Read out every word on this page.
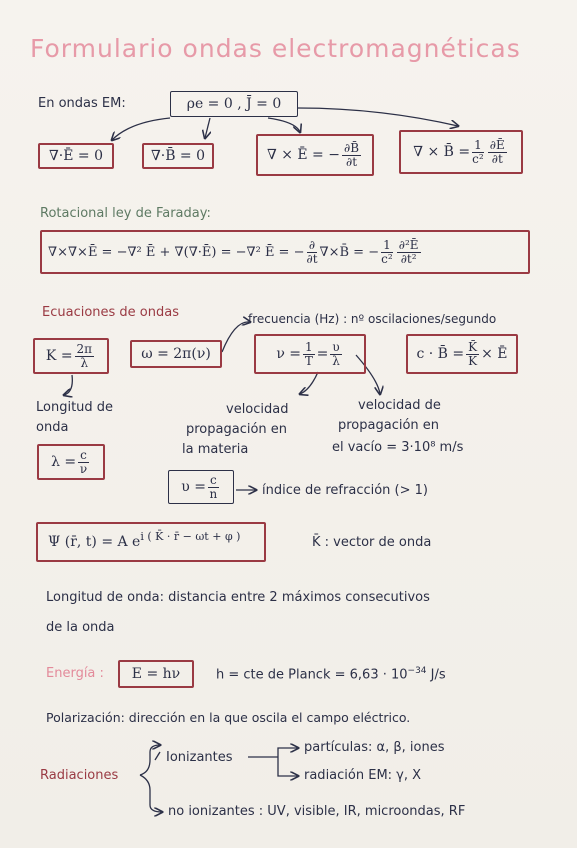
Formulario ondas electromagnéticas
En ondas EM:	ρe = 0 , J̄ = 0
∇·Ē = 0	∇·B̄ = 0	∇ × Ē = − $\frac{\partial B̄}{\partial t}$	∇ × B̄ = $\frac{1}{\text{c²}} \frac{\partial Ē}{\partial t}$
Rotacional ley de Faraday:
∇×∇×Ē = −∇² Ē + ∇(∇·Ē) = −∇² Ē = − $\frac{\partial}{\partial t}$ ∇×B̄ = − $\frac{1}{\text{c²}} \frac{\text{∂²Ē}}{\text{∂t²}}$
Ecuaciones de ondas	frecuencia (Hz) : nº oscilaciones/segundo
$K = \frac{2\pi}{\lambda}$	ω = 2π(ν)	$\nu = \frac{1}{T} = \frac{\upsilon}{\lambda}$	c · B̄ = $\frac{K̄}{K}$ × Ē
Longitud de
onda
$\lambda = \frac{c}{\nu}$
velocidad
propagación en
la materia
velocidad de
propagación en
el vacío = 3·10⁸ m/s
$\upsilon = \frac{c}{n}$	índice de refracción (> 1)
Ψ (r̄, t) = A $e^{i ( K̄ \cdot r̄ - \omega t + \varphi )}$	K̄ : vector de onda
Longitud de onda: distancia entre 2 máximos consecutivos
de la onda
Energía :	E = hν	h = cte de Planck = $6,63 \cdot 10^{-34}$ J/s
Polarización: dirección en la que oscila el campo eléctrico.
Radiaciones
Ionizantes
partículas: α, β, iones
radiación EM: γ, X
no ionizantes : UV, visible, IR, microondas, RF
